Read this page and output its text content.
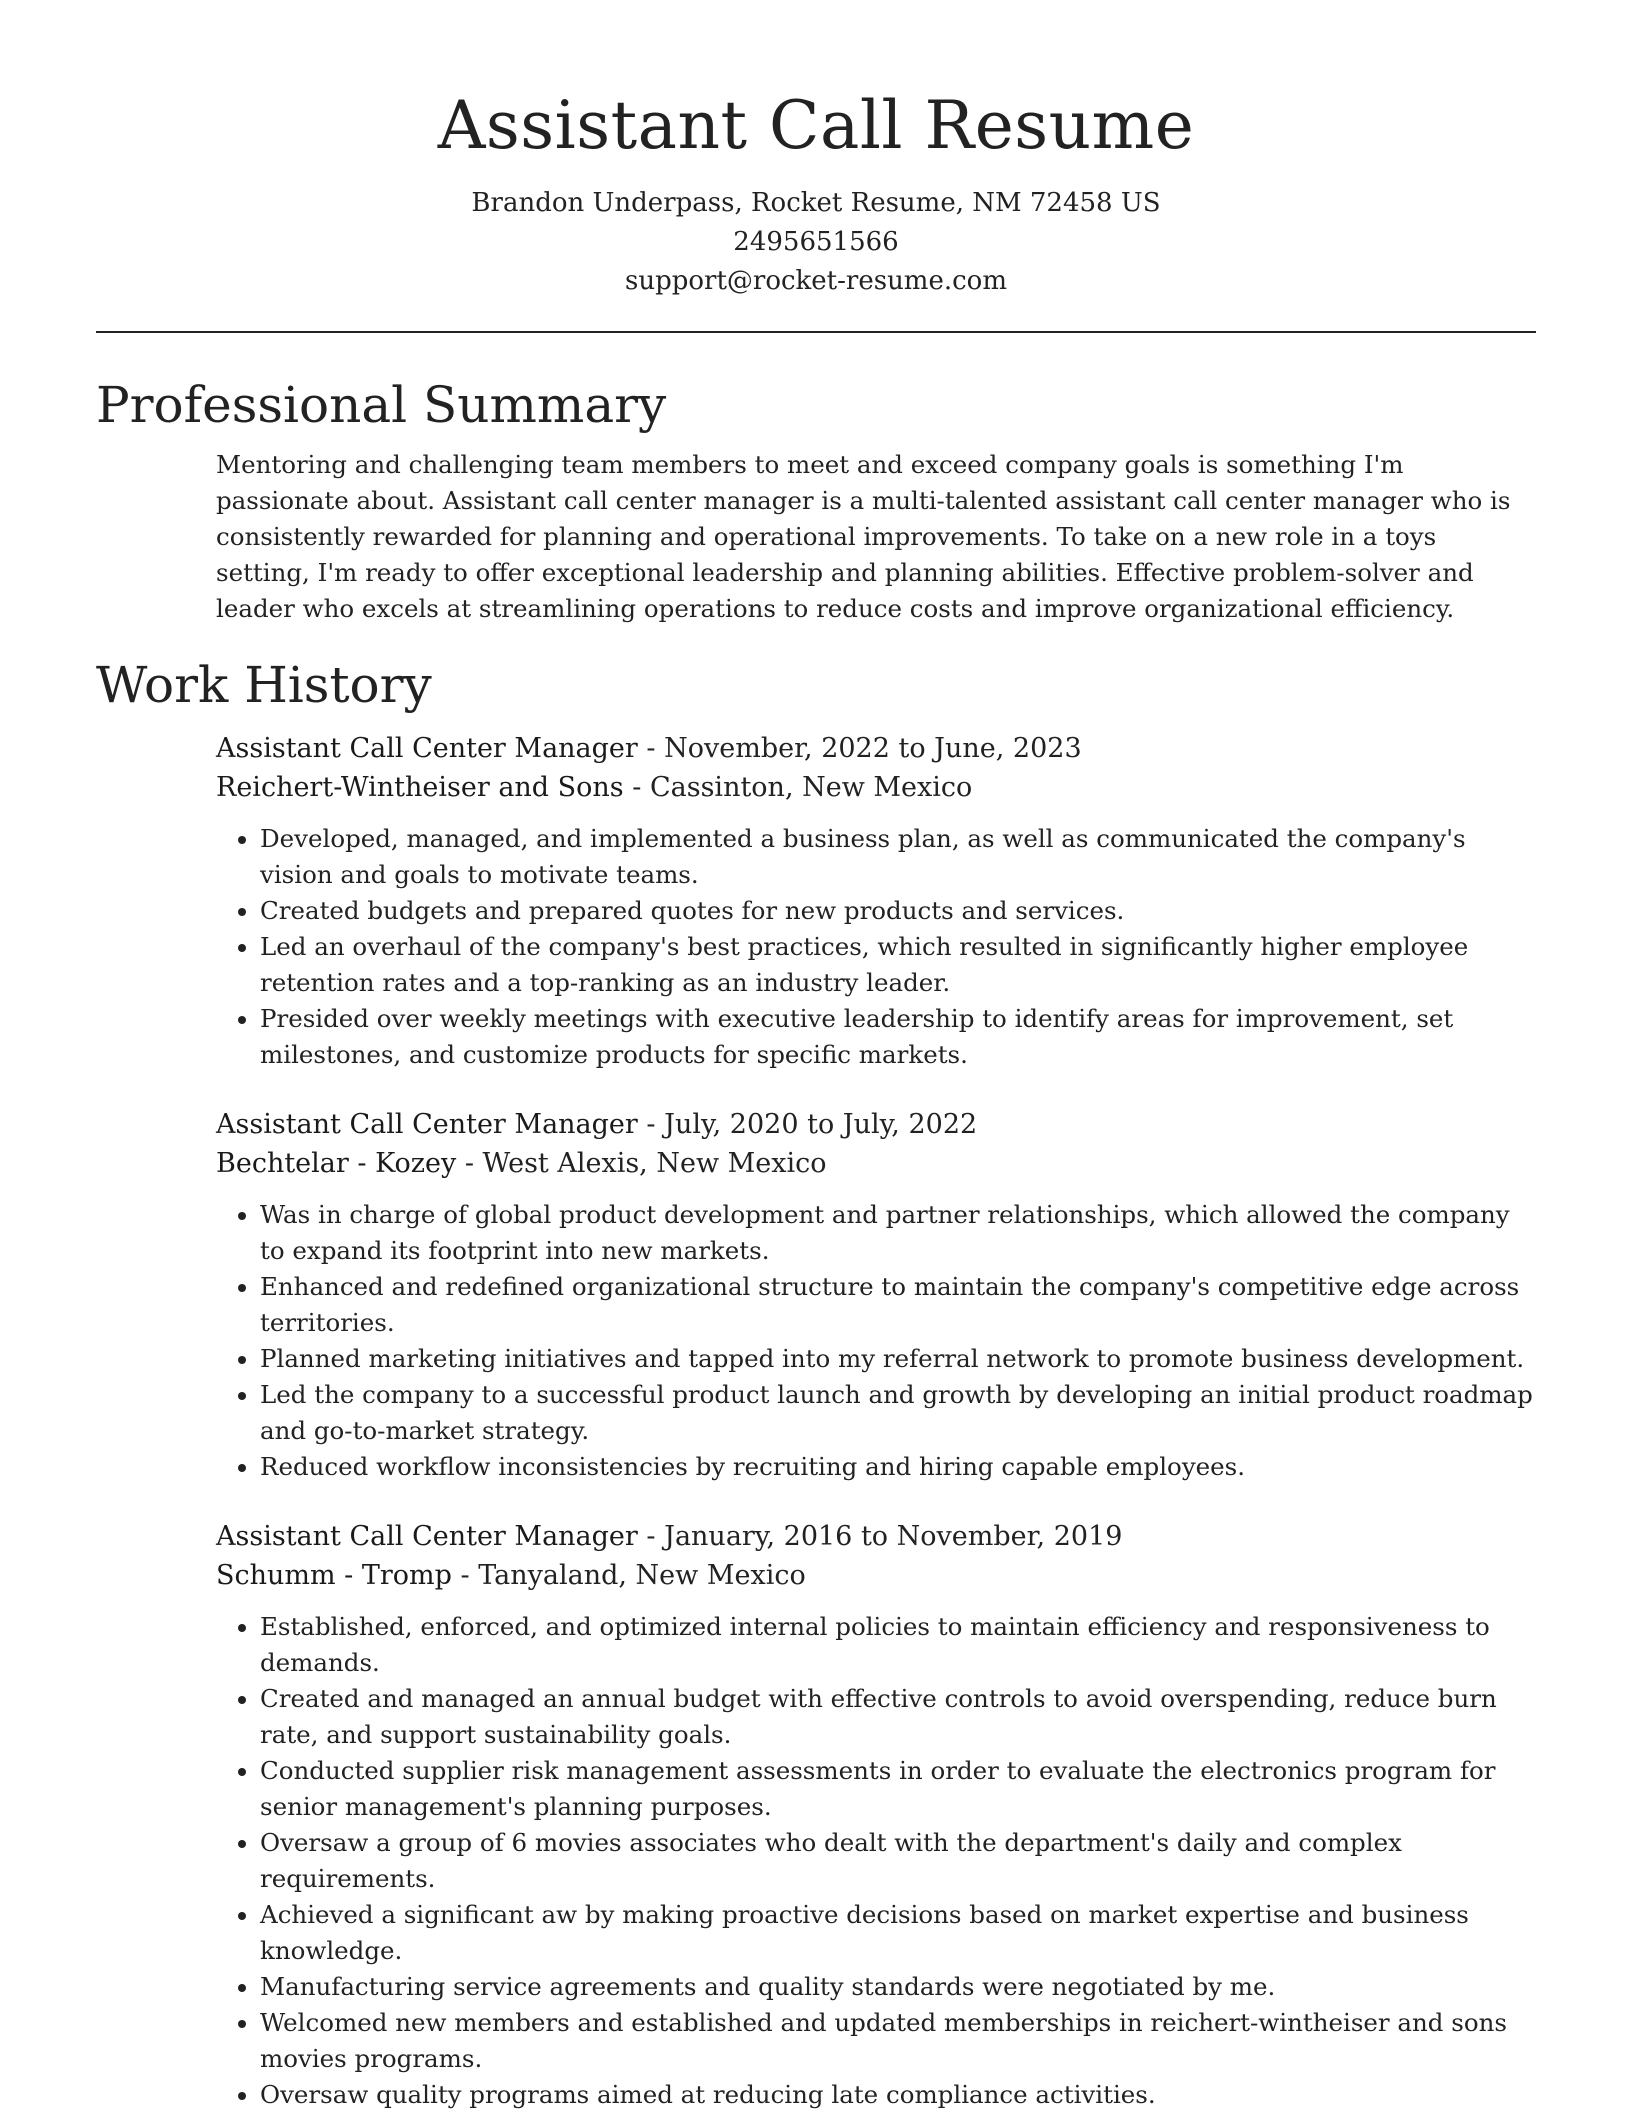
Assistant Call Resume
Brandon Underpass, Rocket Resume, NM 72458 US
2495651566
support@rocket-resume.com
Professional Summary

Mentoring and challenging team members to meet and exceed company goals is something I'm passionate about. Assistant call center manager is a multi-talented assistant call center manager who is consistently rewarded for planning and operational improvements. To take on a new role in a toys setting, I'm ready to offer exceptional leadership and planning abilities. Effective problem-solver and leader who excels at streamlining operations to reduce costs and improve organizational efficiency.

Work History
Assistant Call Center Manager - November, 2022 to June, 2023
Reichert-Wintheiser and Sons - Cassinton, New Mexico
• Developed, managed, and implemented a business plan, as well as communicated the company's vision and goals to motivate teams.
• Created budgets and prepared quotes for new products and services.
• Led an overhaul of the company's best practices, which resulted in significantly higher employee retention rates and a top-ranking as an industry leader.
• Presided over weekly meetings with executive leadership to identify areas for improvement, set milestones, and customize products for specific markets.
Assistant Call Center Manager - July, 2020 to July, 2022
Bechtelar - Kozey - West Alexis, New Mexico
• Was in charge of global product development and partner relationships, which allowed the company to expand its footprint into new markets.
• Enhanced and redefined organizational structure to maintain the company's competitive edge across territories.
• Planned marketing initiatives and tapped into my referral network to promote business development.
• Led the company to a successful product launch and growth by developing an initial product roadmap and go-to-market strategy.
• Reduced workflow inconsistencies by recruiting and hiring capable employees.
Assistant Call Center Manager - January, 2016 to November, 2019
Schumm - Tromp - Tanyaland, New Mexico
• Established, enforced, and optimized internal policies to maintain efficiency and responsiveness to demands.
• Created and managed an annual budget with effective controls to avoid overspending, reduce burn rate, and support sustainability goals.
• Conducted supplier risk management assessments in order to evaluate the electronics program for senior management's planning purposes.
• Oversaw a group of 6 movies associates who dealt with the department's daily and complex requirements.
• Achieved a significant aw by making proactive decisions based on market expertise and business knowledge.
• Manufacturing service agreements and quality standards were negotiated by me.
• Welcomed new members and established and updated memberships in reichert-wintheiser and sons movies programs.
• Oversaw quality programs aimed at reducing late compliance activities.
